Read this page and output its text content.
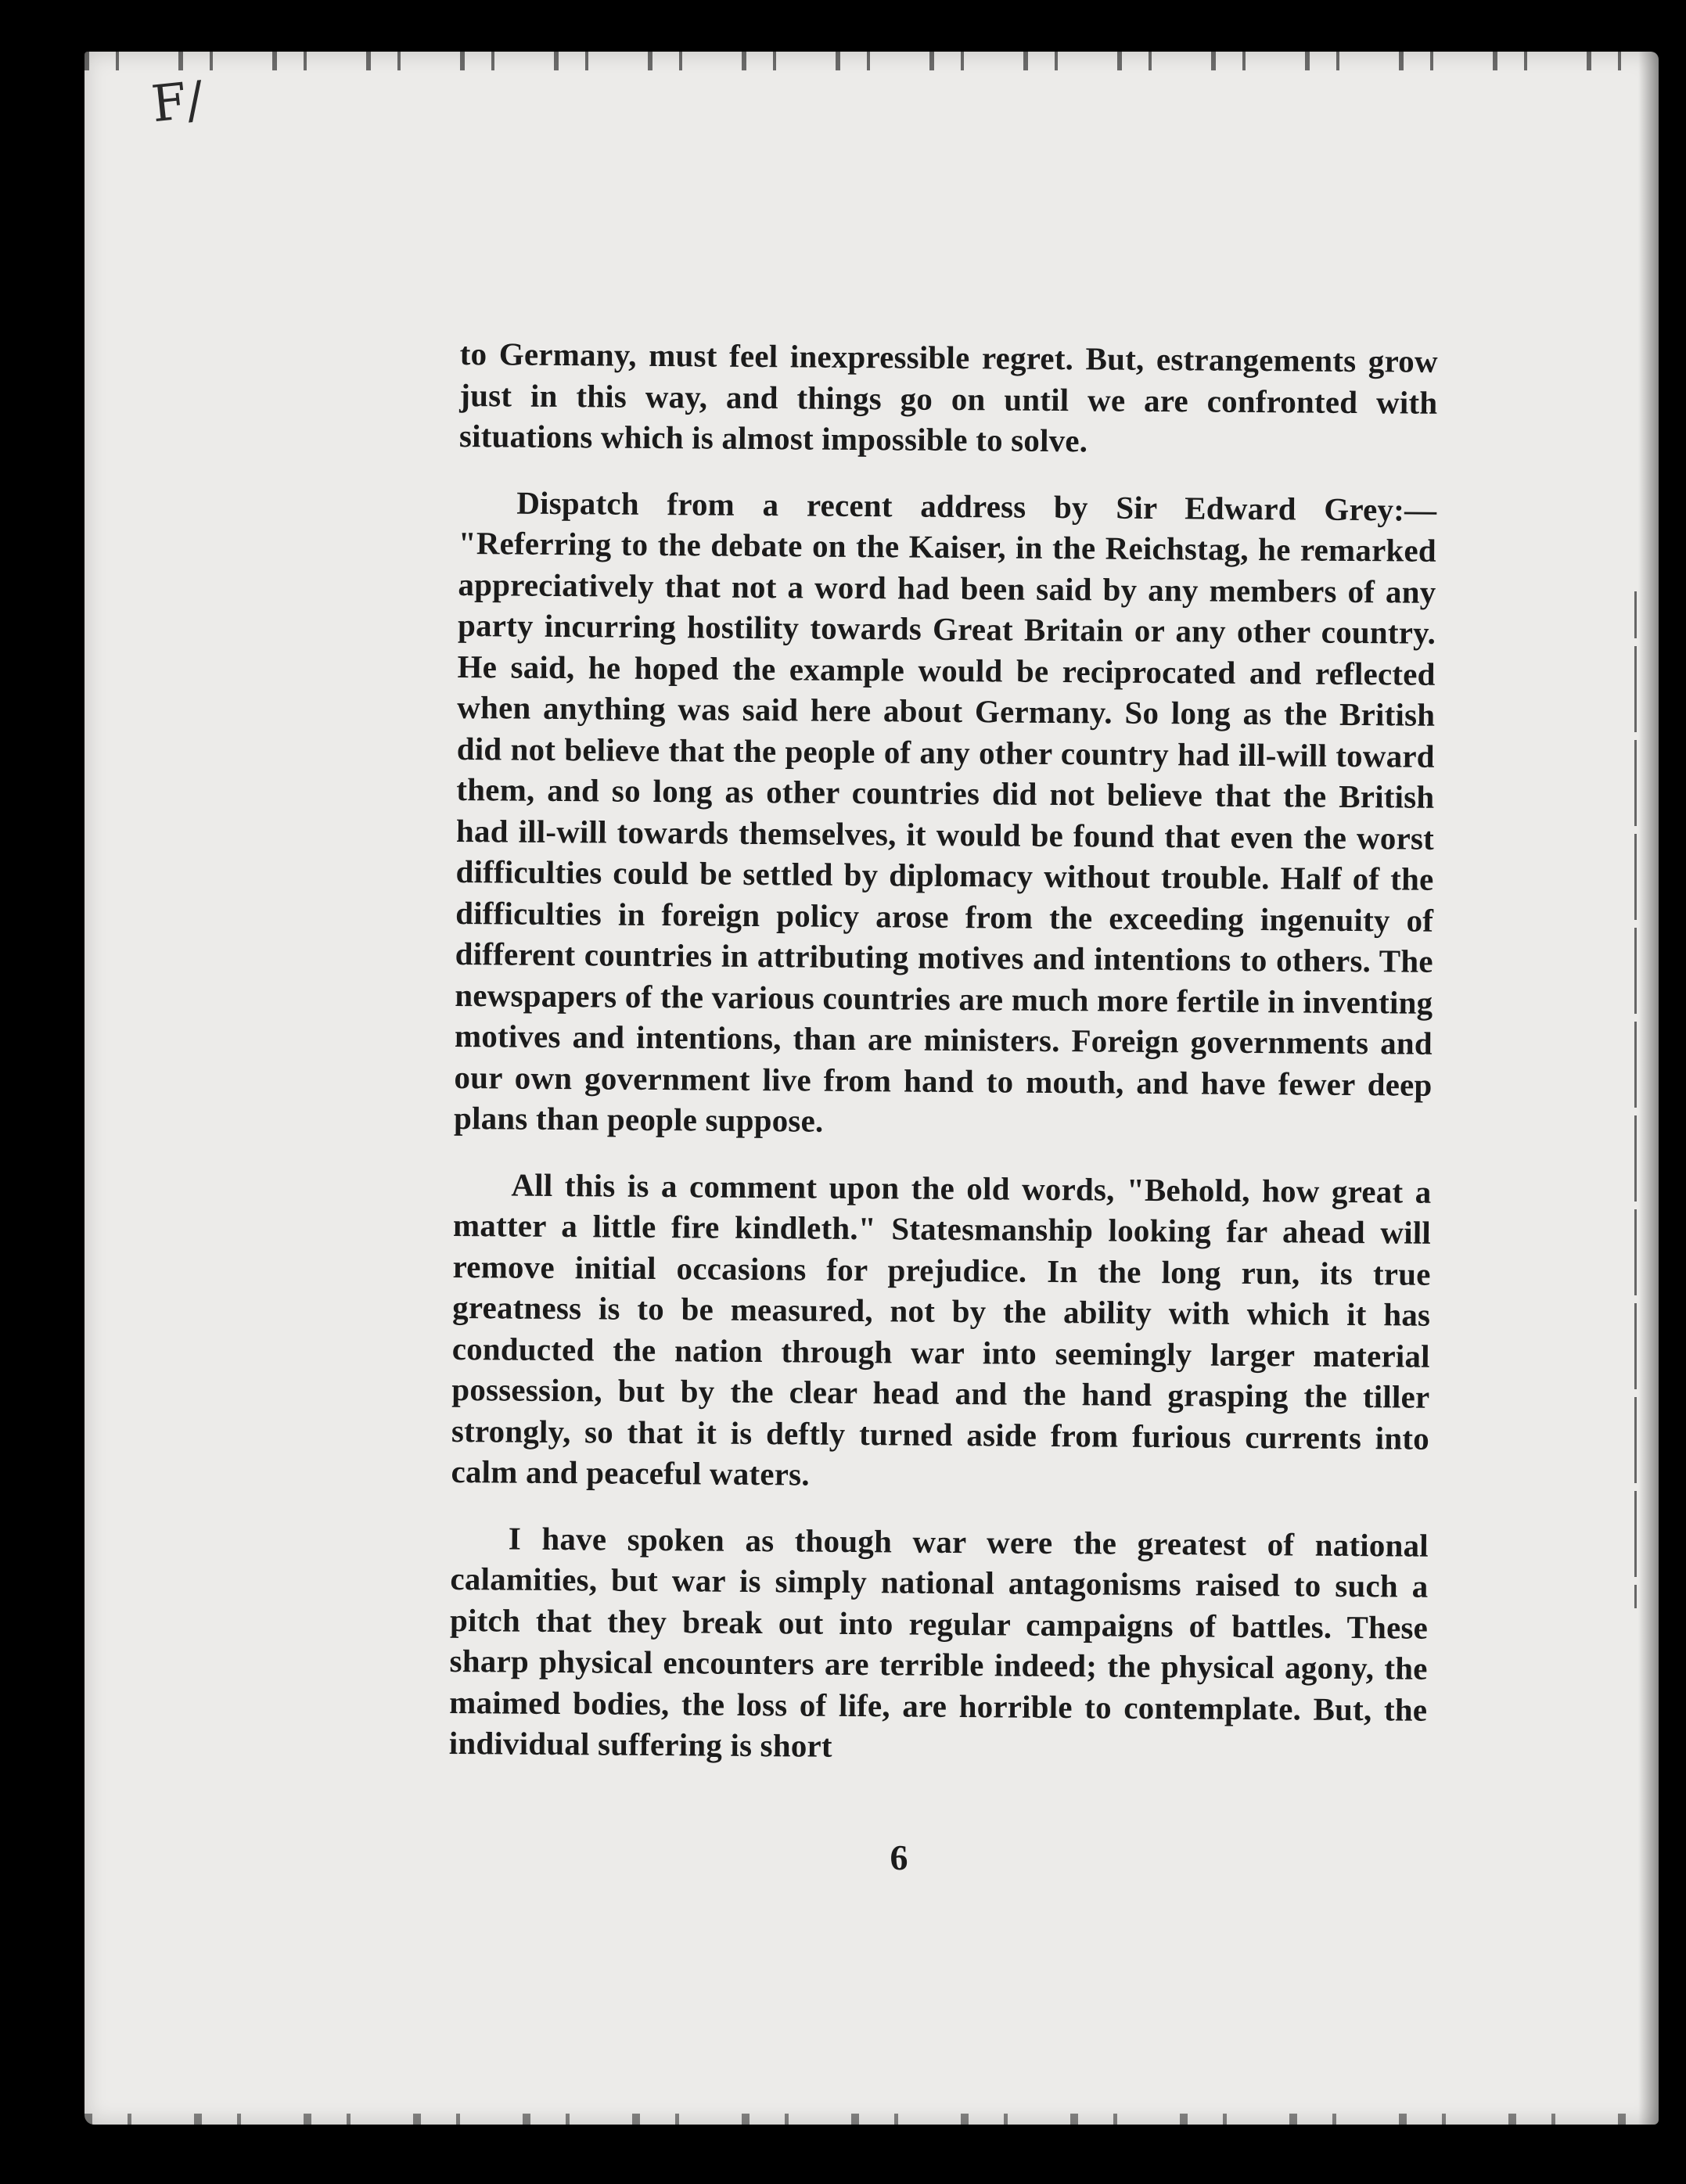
F/

to Germany, must feel inexpressible regret. But, estrangements grow just in this way, and things go on until we are confronted with situations which is almost impossible to solve.

Dispatch from a recent address by Sir Edward Grey:— "Referring to the debate on the Kaiser, in the Reichstag, he remarked appreciatively that not a word had been said by any members of any party incurring hostility towards Great Britain or any other country. He said, he hoped the example would be reciprocated and reflected when anything was said here about Germany. So long as the British did not believe that the people of any other country had ill-will toward them, and so long as other countries did not believe that the British had ill-will towards themselves, it would be found that even the worst difficulties could be settled by diplomacy without trouble. Half of the difficulties in foreign policy arose from the exceeding ingenuity of different countries in attributing motives and intentions to others. The newspapers of the various countries are much more fertile in inventing motives and intentions, than are ministers. Foreign governments and our own government live from hand to mouth, and have fewer deep plans than people suppose.

All this is a comment upon the old words, "Behold, how great a matter a little fire kindleth." Statesmanship looking far ahead will remove initial occasions for prejudice. In the long run, its true greatness is to be measured, not by the ability with which it has conducted the nation through war into seemingly larger material possession, but by the clear head and the hand grasping the tiller strongly, so that it is deftly turned aside from furious currents into calm and peaceful waters.

I have spoken as though war were the greatest of national calamities, but war is simply national antagonisms raised to such a pitch that they break out into regular campaigns of battles. These sharp physical encounters are terrible indeed; the physical agony, the maimed bodies, the loss of life, are horrible to contemplate. But, the individual suffering is short

6
